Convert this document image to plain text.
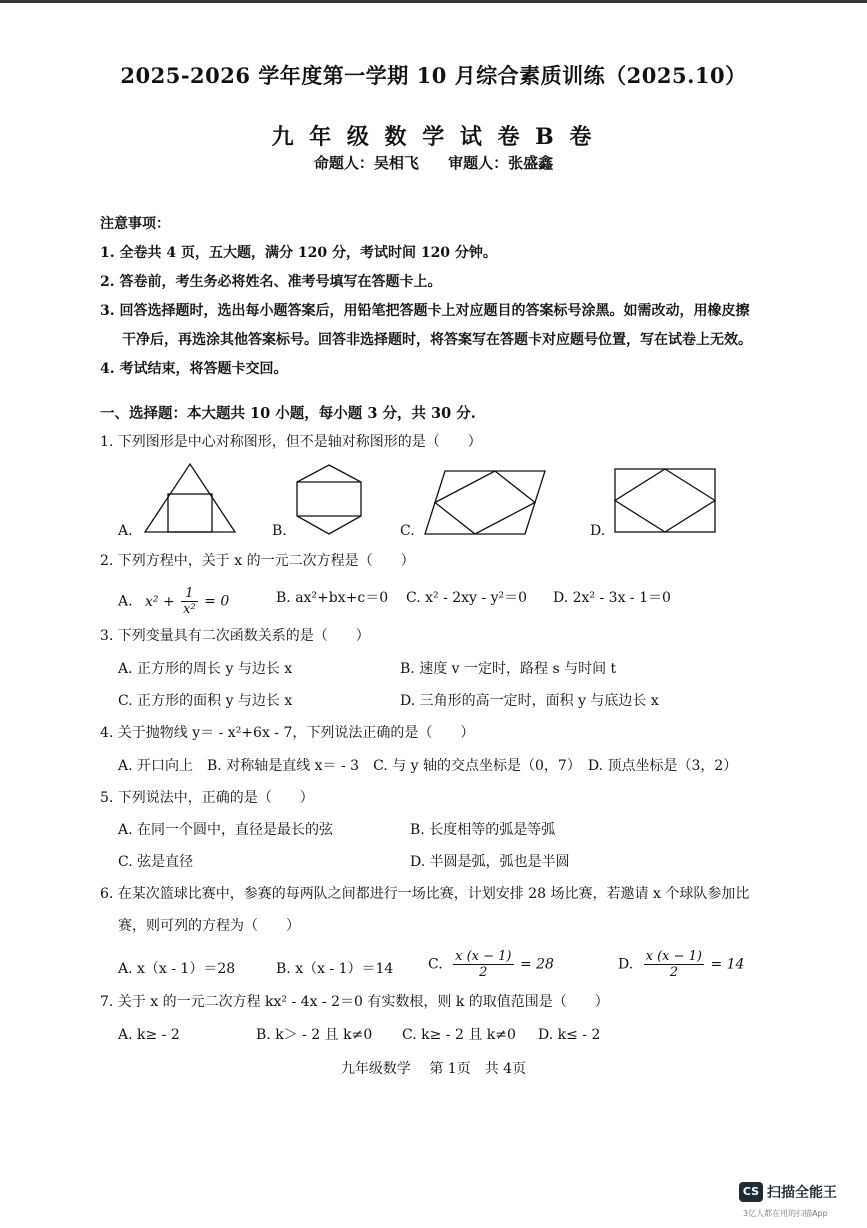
2025-2026 学年度第一学期 10 月综合素质训练（2025.10）
九 年 级 数 学 试 卷 B 卷
命题人：吴相飞 审题人：张盛鑫
注意事项：
1. 全卷共 4 页，五大题，满分 120 分，考试时间 120 分钟。
2. 答卷前，考生务必将姓名、准考号填写在答题卡上。
3. 回答选择题时，选出每小题答案后，用铅笔把答题卡上对应题目的答案标号涂黑。如需改动，用橡皮擦
干净后，再选涂其他答案标号。回答非选择题时，将答案写在答题卡对应题号位置，写在试卷上无效。
4. 考试结束，将答题卡交回。
一、选择题：本大题共 10 小题，每小题 3 分，共 30 分.
1. 下列图形是中心对称图形，但不是轴对称图形的是（　　）
A.	B.	C.	D.
2. 下列方程中，关于 x 的一元二次方程是（　　）
A. $x^2 + \frac{1}{\text{x²}} = 0$	B. ax²+bx+c＝0 C. x² - 2xy - y²＝0 D. 2x² - 3x - 1＝0
3. 下列变量具有二次函数关系的是（　　）
A. 正方形的周长 y 与边长 x	B. 速度 v 一定时，路程 s 与时间 t
C. 正方形的面积 y 与边长 x	D. 三角形的高一定时，面积 y 与底边长 x
4. 关于抛物线 y＝ - x²+6x - 7，下列说法正确的是（　　）
A. 开口向上　B. 对称轴是直线 x＝ - 3　C. 与 y 轴的交点坐标是（0，7）　D. 顶点坐标是（3，2）
5. 下列说法中，正确的是（　　）
A. 在同一个圆中，直径是最长的弦	B. 长度相等的弧是等弧
C. 弦是直径	D. 半圆是弧，弧也是半圆
6. 在某次篮球比赛中，参赛的每两队之间都进行一场比赛，计划安排 28 场比赛，若邀请 x 个球队参加比
赛，则可列的方程为（　　）
A. x（x - 1）＝28	B. x（x - 1）＝14 C. $\frac{x (x - 1)}{2} = 28$	D. $\frac{x (x - 1)}{2} = 14$
7. 关于 x 的一元二次方程 kx² - 4x - 2＝0 有实数根，则 k 的取值范围是（　　）
A. k≥ - 2	B. k＞ - 2 且 k≠0 C. k≥ - 2 且 k≠0 D. k≤ - 2
九年级数学　 第 1页　共 4页
CS 扫描全能王
3亿人都在用的扫描App
